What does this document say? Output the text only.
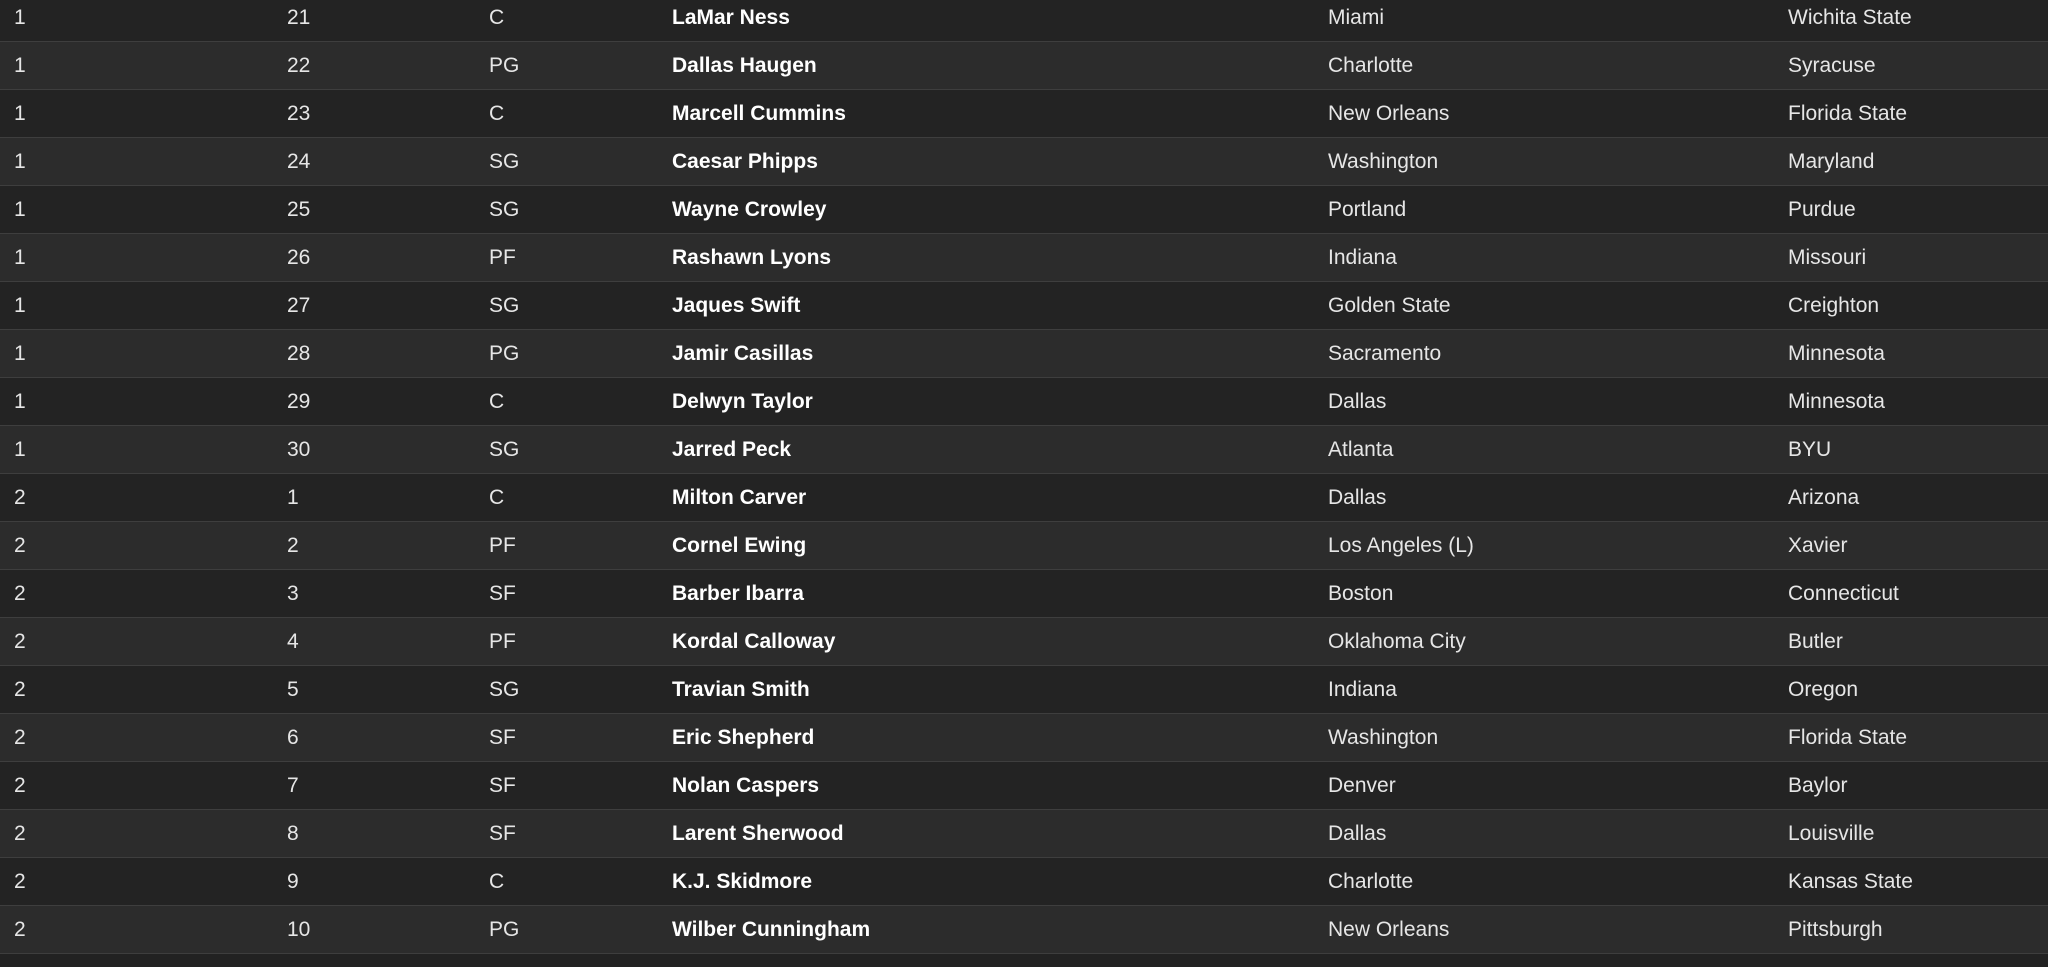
1	21	C	LaMar Ness	Miami	Wichita State
1	22	PG	Dallas Haugen	Charlotte	Syracuse
1	23	C	Marcell Cummins	New Orleans	Florida State
1	24	SG	Caesar Phipps	Washington	Maryland
1	25	SG	Wayne Crowley	Portland	Purdue
1	26	PF	Rashawn Lyons	Indiana	Missouri
1	27	SG	Jaques Swift	Golden State	Creighton
1	28	PG	Jamir Casillas	Sacramento	Minnesota
1	29	C	Delwyn Taylor	Dallas	Minnesota
1	30	SG	Jarred Peck	Atlanta	BYU
2	1	C	Milton Carver	Dallas	Arizona
2	2	PF	Cornel Ewing	Los Angeles (L)	Xavier
2	3	SF	Barber Ibarra	Boston	Connecticut
2	4	PF	Kordal Calloway	Oklahoma City	Butler
2	5	SG	Travian Smith	Indiana	Oregon
2	6	SF	Eric Shepherd	Washington	Florida State
2	7	SF	Nolan Caspers	Denver	Baylor
2	8	SF	Larent Sherwood	Dallas	Louisville
2	9	C	K.J. Skidmore	Charlotte	Kansas State
2	10	PG	Wilber Cunningham	New Orleans	Pittsburgh
